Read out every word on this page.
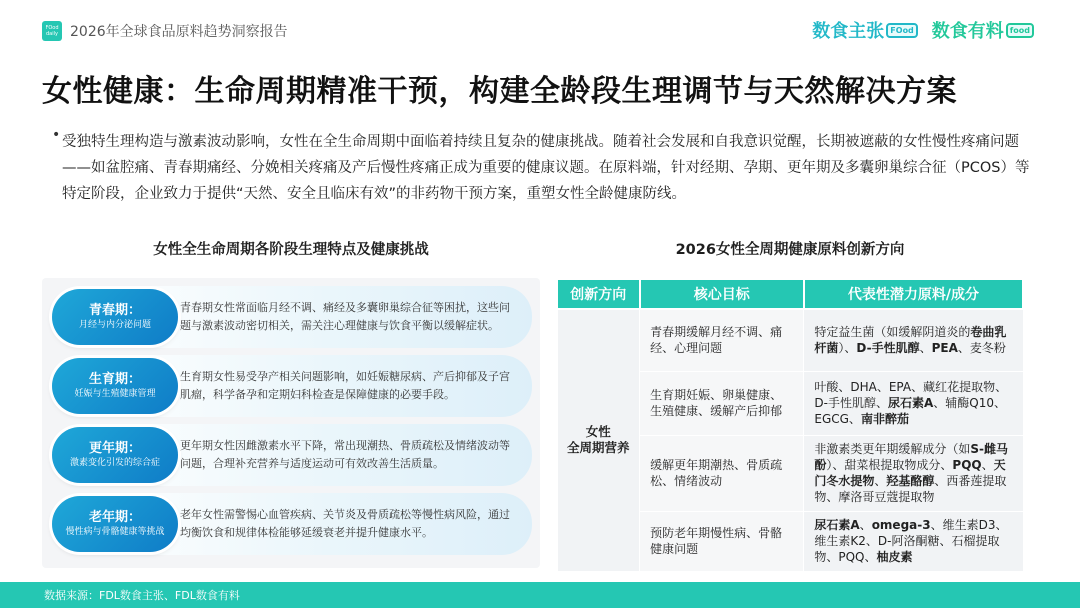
FOod daily 2026年全球食品原料趋势洞察报告	数食主张 FOod 数食有料 food
女性健康：生命周期精准干预，构建全龄段生理调节与天然解决方案
• 受独特生理构造与激素波动影响，女性在全生命周期中面临着持续且复杂的健康挑战。随着社会发展和自我意识觉醒，长期被遮蔽的女性慢性疼痛问题——如盆腔痛、青春期痛经、分娩相关疼痛及产后慢性疼痛正成为重要的健康议题。在原料端，针对经期、孕期、更年期及多囊卵巢综合征（PCOS）等特定阶段，企业致力于提供“天然、安全且临床有效”的非药物干预方案，重塑女性全龄健康防线。
女性全生命周期各阶段生理特点及健康挑战	2026女性全周期健康原料创新方向
青春期：
月经与内分泌问题
青春期女性常面临月经不调、痛经及多囊卵巢综合征等困扰，这些问题与激素波动密切相关，需关注心理健康与饮食平衡以缓解症状。
生育期：
妊娠与生殖健康管理
生育期女性易受孕产相关问题影响，如妊娠糖尿病、产后抑郁及子宫肌瘤，科学备孕和定期妇科检查是保障健康的必要手段。
更年期：
激素变化引发的综合症
更年期女性因雌激素水平下降，常出现潮热、骨质疏松及情绪波动等问题，合理补充营养与适度运动可有效改善生活质量。
老年期：
慢性病与骨骼健康等挑战
老年女性需警惕心血管疾病、关节炎及骨质疏松等慢性病风险，通过均衡饮食和规律体检能够延缓衰老并提升健康水平。
创新方向	核心目标	代表性潜力原料/成分

女性
全周期营养	青春期缓解月经不调、痛经、心理问题	特定益生菌（如缓解阴道炎的卷曲乳杆菌）、D-手性肌醇、PEA、麦冬粉
	生育期妊娠、卵巢健康、生殖健康、缓解产后抑郁	叶酸、DHA、EPA、藏红花提取物、D-手性肌醇、尿石素A、辅酶Q10、EGCG、南非醉茄
	缓解更年期潮热、骨质疏松、情绪波动	非激素类更年期缓解成分（如S-雌马酚）、甜菜根提取物成分、PQQ、天门冬水提物、羟基酪醇、西番莲提取物、摩洛哥豆蔻提取物
	预防老年期慢性病、骨骼健康问题	尿石素A、omega-3、维生素D3、维生素K2、D-阿洛酮糖、石榴提取物、PQQ、柚皮素
数据来源：FDL数食主张、FDL数食有料
